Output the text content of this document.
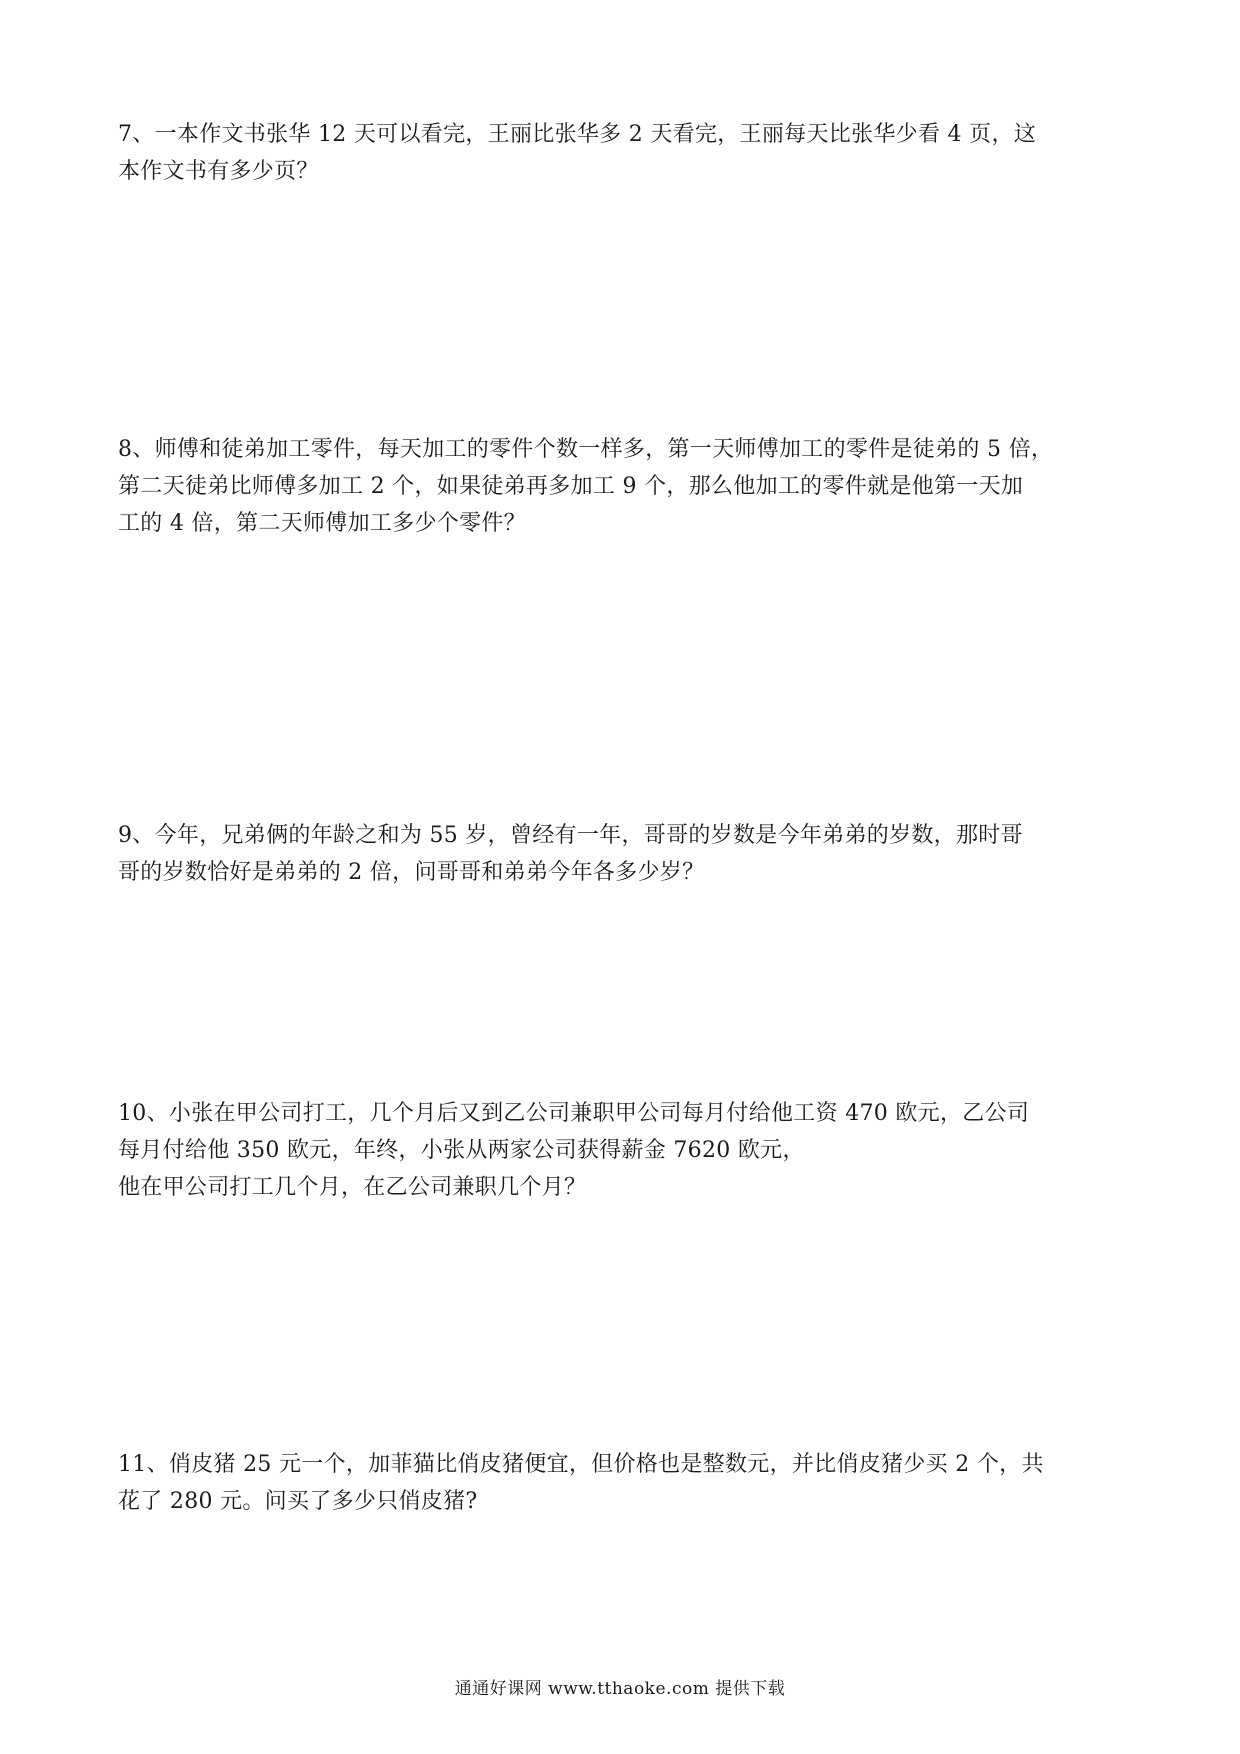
7、一本作文书张华 12 天可以看完，王丽比张华多 2 天看完，王丽每天比张华少看 4 页，这
本作文书有多少页？
8、师傅和徒弟加工零件，每天加工的零件个数一样多，第一天师傅加工的零件是徒弟的 5 倍，
第二天徒弟比师傅多加工 2 个，如果徒弟再多加工 9 个，那么他加工的零件就是他第一天加
工的 4 倍，第二天师傅加工多少个零件？
9、今年，兄弟俩的年龄之和为 55 岁，曾经有一年，哥哥的岁数是今年弟弟的岁数，那时哥
哥的岁数恰好是弟弟的 2 倍，问哥哥和弟弟今年各多少岁？
10、小张在甲公司打工，几个月后又到乙公司兼职甲公司每月付给他工资 470 欧元，乙公司
每月付给他 350 欧元，年终，小张从两家公司获得薪金 7620 欧元，
他在甲公司打工几个月，在乙公司兼职几个月？
11、俏皮猪 25 元一个，加菲猫比俏皮猪便宜，但价格也是整数元，并比俏皮猪少买 2 个，共
花了 280 元。问买了多少只俏皮猪?
通通好课网 www.tthaoke.com 提供下载
